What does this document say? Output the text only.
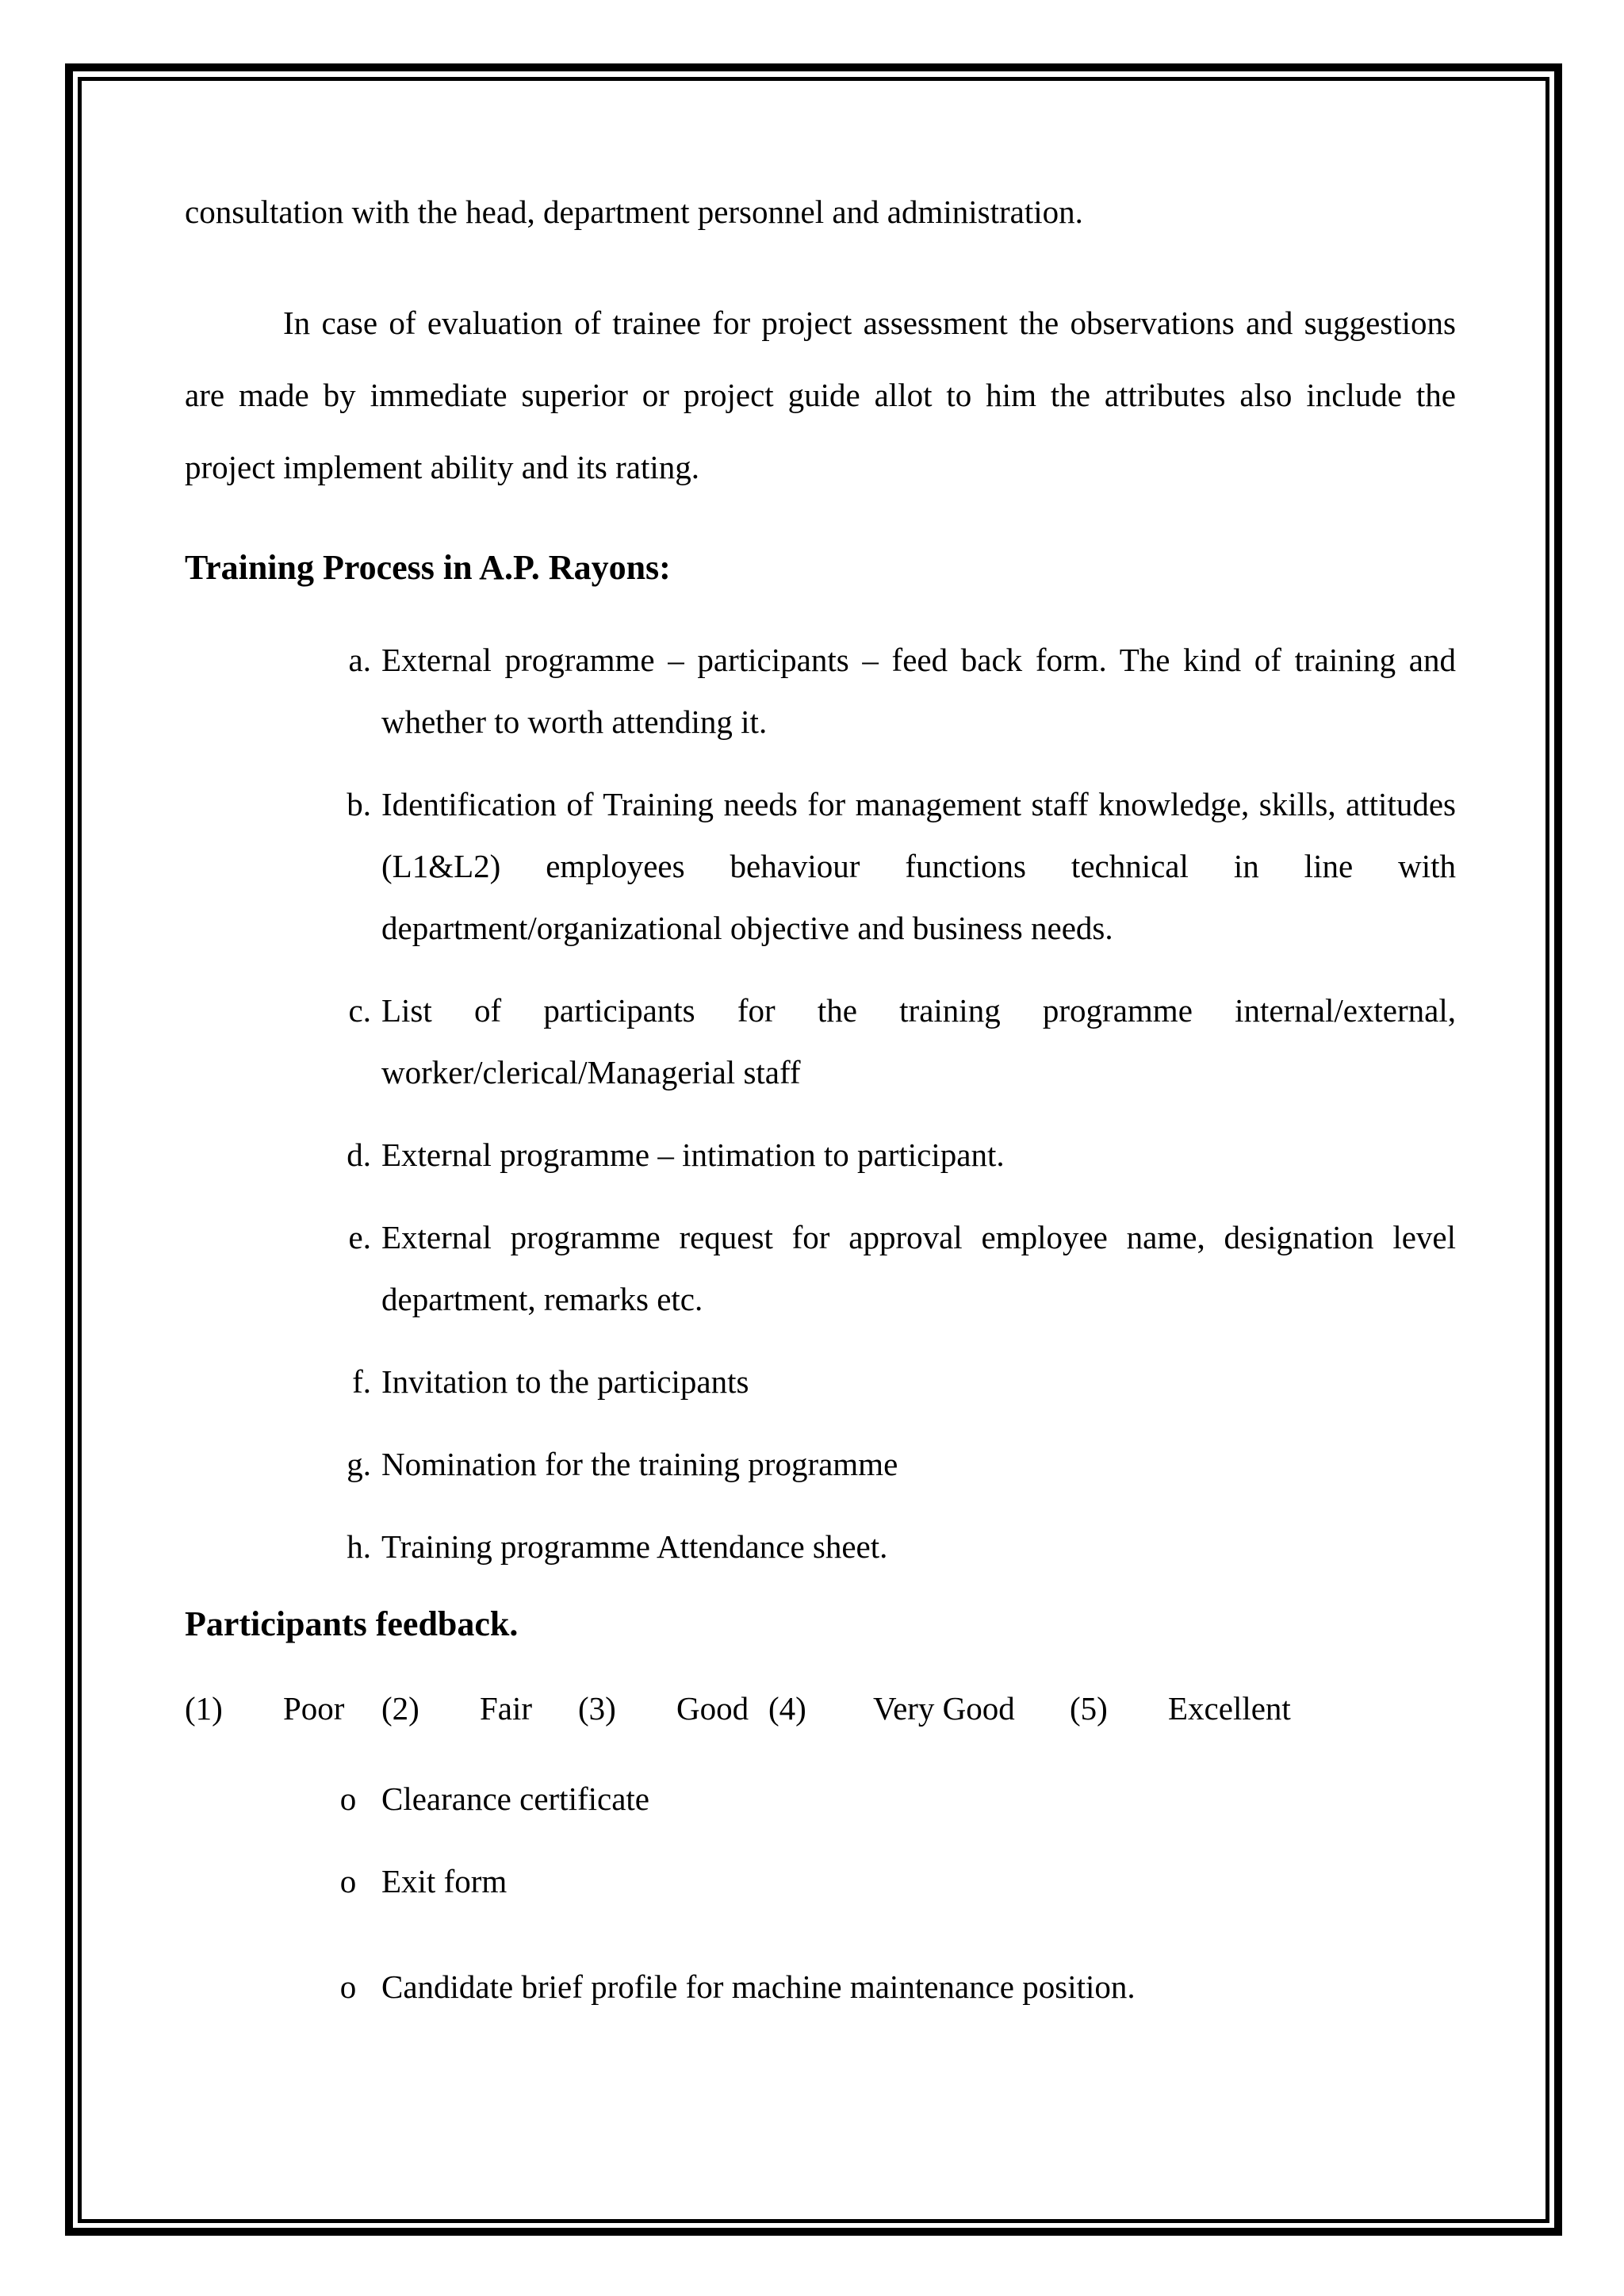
consultation with the head, department personnel and administration.

In case of evaluation of trainee for project assessment the observations and suggestions are made by immediate superior or project guide allot to him the attributes also include the project implement ability and its rating.

Training Process in A.P. Rayons:

a. External programme – participants – feed back form. The kind of training and whether to worth attending it.
b. Identification of Training needs for management staff knowledge, skills, attitudes (L1&L2) employees behaviour functions technical in line with department/organizational objective and business needs.
c. List of participants for the training programme internal/external, worker/clerical/Managerial staff
d. External programme – intimation to participant.
e. External programme request for approval employee name, designation level department, remarks etc.
f. Invitation to the participants
g. Nomination for the training programme
h. Training programme Attendance sheet.

Participants feedback.

(1) Poor (2) Fair (3) Good (4) Very Good (5) Excellent
o Clearance certificate
o Exit form
o Candidate brief profile for machine maintenance position.
